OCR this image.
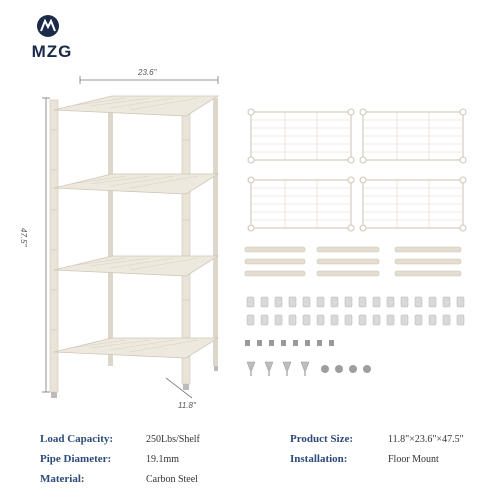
MZG
23.6"
47.5"
11.8"
Load Capacity:	250Lbs/Shelf	Product Size:	11.8"×23.6"×47.5"
Pipe Diameter:	19.1mm	Installation:	Floor Mount
Material:	Carbon Steel
